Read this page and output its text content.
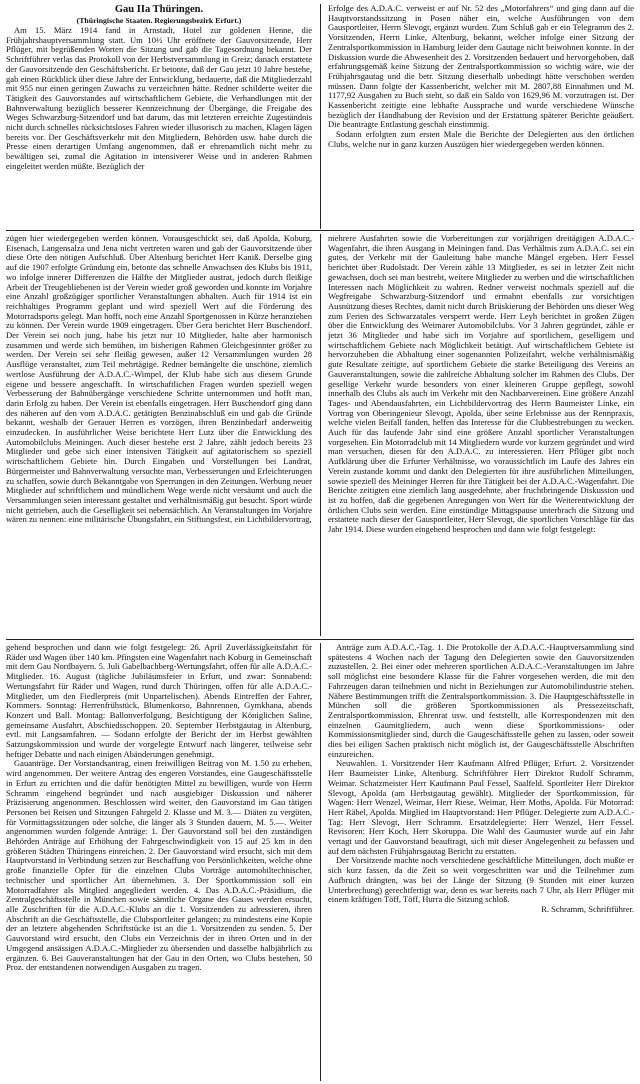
Gau IIa Thüringen.
(Thüringische Staaten. Regierungsbezirk Erfurt.)

Am 15. März 1914 fand in Arnstadt, Hotel zur goldenen Henne, die Frühjahrshauptversammlung statt. Um 10½ Uhr eröffnete der Gauvorsitzende, Herr Pflüger, mit begrüßenden Worten die Sitzung und gab die Tagesordnung bekannt. Der Schriftführer verlas das Protokoll von der Herbstversammlung in Greiz; danach erstattete der Gauvorsitzende den Geschäftsbericht. Er betonte, daß der Gau jetzt 10 Jahre bestehe, gab einen Rückblick über diese Jahre der Entwicklung, bedauerte, daß die Mitgliederzahl mit 955 nur einen geringen Zuwachs zu verzeichnen hätte. Redner schilderte weiter die Tätigkeit des Gauvorstandes auf wirtschaftlichem Gebiete, die Verhandlungen mit der Bahnverwaltung bezüglich besserer Kennzeichnung der Übergänge, die Freigabe des Weges Schwarzburg-Sitzendorf und bat darum, das mit letzteren erreichte Zugeständnis nicht durch schnelles rücksichtsloses Fahren wieder illusorisch zu machen, Klagen lägen bereits vor. Der Geschäftsverkehr mit den Mitgliedern, Behörden usw. habe durch die Presse einen derartigen Umfang angenommen, daß er ehrenamtlich nicht mehr zu bewältigen sei, zumal die Agitation in intensiverer Weise und in anderen Rahmen eingeleitet werden müßte. Bezüglich der

Erfolge des A.D.A.C. verweist er auf Nr. 52 des „Motorfahrers“ und ging dann auf die Hauptvorstandssitzung in Posen näher ein, welche Ausführungen von dem Gausportleiter, Herrn Slevogt, ergänzt wurden. Zum Schluß gab er ein Telegramm des 2. Vorsitzenden, Herrn Linke, Altenburg, bekannt, welcher infolge einer Sitzung der Zentralsportkommission in Hamburg leider dem Gautage nicht beiwohnen konnte. In der Diskussion wurde die Abwesenheit des 2. Vorsitzenden bedauert und hervorgehoben, daß erfahrungsgemäß keine Sitzung der Zentralsportkommission so wichtig wäre, wie der Frühjahrsgautag und die betr. Sitzung dieserhalb unbedingt hätte verschoben werden müssen. Dann folgte der Kassenbericht, welcher mit M. 2807,88 Einnahmen und M. 1177,92 Ausgaben zu Buch steht, so daß ein Saldo von 1629,96 M. vorzutragen ist. Der Kassenbericht zeitigte eine lebhafte Aussprache und wurde verschiedene Wünsche bezüglich der Handhabung der Revision und der Erstattung späterer Berichte geäußert. Die beantragte Entlastung geschah einstimmig.

Sodann erfolgten zum ersten Male die Berichte der Delegierten aus den örtlichen Clubs, welche nur in ganz kurzen Auszügen hier wiedergegeben werden können.

zügen hier wiedergegeben werden können. Vorausgeschickt sei, daß Apolda, Koburg, Eisenach, Langensalza und Jena nicht vertreten waren und gab der Gauvorsitzende über diese Orte den nötigen Aufschluß. Über Altenburg berichtet Herr Kaniß. Derselbe ging auf die 1907 erfolgte Gründung ein, betonte das schnelle Anwachsen des Klubs bis 1911, wo infolge innerer Differenzen die Hälfte der Mitglieder austrat, jedoch durch fleißige Arbeit der Treugebliebenen ist der Verein wieder groß geworden und konnte im Vorjahre eine Anzahl großzügiger sportlicher Veranstaltungen abhalten. Auch für 1914 ist ein reichhaltiges Programm geplant und wird speziell Wert auf die Förderung des Motorradsports gelegt. Man hofft, noch eine Anzahl Sportgenossen in Kürze heranziehen zu können. Der Verein wurde 1909 eingetragen. Über Gera berichtet Herr Buschendorf. Der Verein sei noch jung, habe bis jetzt nur 10 Mitglieder, halte aber harmonisch zusammen und werde sich bemühen, im bisherigen Rahmen Gleichgesinnter größer zu werden. Der Verein sei sehr fleißig gewesen, außer 12 Versammlungen wurden 28 Ausflüge veranstaltet, zum Teil mehrtägige. Redner bemängelte die unschöne, ziemlich wertlose Ausführung der A.D.A.C.-Wimpel, der Klub habe sich aus diesem Grunde eigene und bessere angeschafft. In wirtschaftlichen Fragen wurden speziell wegen Verbesserung der Bahnübergänge verschiedene Schritte unternommen und hofft man, darin Erfolg zu haben. Der Verein ist ebenfalls eingetragen. Herr Buschendorf ging dann des näheren auf den vom A.D.A.C. getätigten Benzinabschluß ein und gab die Gründe bekannt, weshalb der Gerauer Herren es vorzögen, ihren Benzinbedarf anderweitig einzudecken. In ausführlicher Weise berichtete Herr Lutz über die Entwicklung des Automobilclubs Meiningen. Auch dieser bestehe erst 2 Jahre, zählt jedoch bereits 23 Mitglieder und gebe sich einer intensiven Tätigkeit auf agitatorischem so speziell wirtschaftlichem Gebiete hin. Durch Eingaben und Vorstellungen bei Landrat, Bürgermeister und Bahnverwaltung versuchte man, Verbesserungen und Erleichterungen zu schaffen, sowie durch Bekanntgabe von Sperrungen in den Zeitungen. Werbung neuer Mitglieder auf schriftlichem und mündlichem Wege werde nicht versäumt und auch die Versammlungen seien interessant gestaltet und verhältnismäßig gut besucht. Sport würde nicht getrieben, auch die Geselligkeit sei nebensächlich. An Veranstaltungen im Vorjahre wären zu nennen: eine militärische Übungsfahrt, ein Stiftungsfest, ein Lichtbildervortrag,

mehrere Ausfahrten sowie die Vorbereitungen zur vorjährigen dreitägigen A.D.A.C.-Wagenfahrt, die ihren Ausgang in Meiningen fand. Das Verhältnis zum A.D.A.C. sei ein gutes, der Verkehr mit der Gauleitung habe manche Mängel ergeben. Herr Fessel berichtet über Rudolstadt. Der Verein zähle 13 Mitglieder, es sei in letzter Zeit nicht gewachsen, doch sei man bestrebt, weitere Mitglieder zu werben und die wirtschaftlichen Interessen nach Möglichkeit zu wahren. Redner verweist nochmals speziell auf die Wegfreigabe Schwarzburg-Sitzendorf und ermahnt ebenfalls zur vorsichtigen Ausnützung dieses Rechtes, damit nicht durch Brüskierung der Behörden uns dieser Weg zum Ferien des Schwarzatales versperrt werde. Herr Leyh berichtet in großen Zügen über die Entwicklung des Weimarer Automobilclubs. Vor 3 Jahren gegründet, zähle er jetzt 36 Mitglieder und habe sich im Vorjahre auf sportlichem, geselligem und wirtschaftlichem Gebiete nach Möglichkeit betätigt. Auf wirtschaftlichem Gebiete ist hervorzuheben die Abhaltung einer sogenannten Polizeifahrt, welche verhältnismäßig gute Resultate zeitigte, auf sportlichem Gebiete die starke Beteiligung des Vereins an Gauveranstaltungen, sowie die zahlreiche Abhaltung solcher im Rahmen des Clubs. Der gesellige Verkehr wurde besonders von einer kleineren Gruppe gepflegt, sowohl innerhalb des Clubs als auch im Verkehr mit den Nachbarvereinen. Eine größere Anzahl Tages- und Abendausfahrten, ein Lichtbildervortrag des Herrn Baumeister Linke, ein Vortrag von Oberingenieur Slevogt, Apolda, über seine Erlebnisse aus der Rennpraxis, welche vielen Beifall fanden, helfen das Interesse für die Clubbestrebungen zu wecken. Auch für das laufende Jahr sind eine größere Anzahl sportlicher Veranstaltungen vorgesehen. Ein Motorradclub mit 14 Mitgliedern wurde vor kurzem gegründet und wird man versuchen, diesen für den A.D.A.C. zu interessieren. Herr Pflüger gibt noch Aufklärung über die Erfurter Verhältnisse, wo voraussichtlich im Laufe des Jahres ein Verein zustande kommt und dankt den Delegierten für ihre ausführlichen Mitteilungen, sowie speziell des Meininger Herren für ihre Tätigkeit bei der A.D.A.C.-Wagenfahrt. Die Berichte zeitigten eine ziemlich lang ausgedehnte, aber fruchtbringende Diskussion und ist zu hoffen, daß die gegebenen Anregungen von Wert für die Weiterentwicklung der örtlichen Clubs sein werden. Eine einstündige Mittagspause unterbrach die Sitzung und erstattete nach dieser der Gausportleiter, Herr Slevogt, die sportlichen Vorschläge für das Jahr 1914. Diese wurden eingehend besprochen und dann wie folgt festgelegt:

gehend besprochen und dann wie folgt festgelegt: 26. April Zuverlässigkeitsfahrt für Räder und Wagen über 140 km. Pfingsten eine Wagenfahrt nach Koburg in Gemeinschaft mit dem Gau Nordbayern. 5. Juli Gabelbachberg-Wertungsfahrt, offen für alle A.D.A.C.-Mitglieder. 16. August (tägliche Jubiläumsfeier in Erfurt, und zwar: Sonnabend: Wertungsfahrt für Räder und Wagen, rund durch Thüringen, offen für alle A.D.A.C.-Mitglieder, um den Fiedlerpreis (mit Unpartelischen). Abends Eintreffen der Fahrer, Kommers. Sonntag: Herrenfrühstück, Blumenkorso, Bahnrennen, Gymkhana, abends Konzert und Ball. Montag: Ballonverfolgung, Besichtigung der Königlichen Saline, gemeinsame Ausfahrt, Abschiedsschoppen. 20. September Herbstgautag in Altenburg, evtl. mit Langsamfahren. — Sodann erfolgte der Bericht der im Herbst gewählten Satzungskommission und wurde der vorgelegte Entwurf nach längerer, teilweise sehr heftiger Debatte und nach einigen Abänderungen genehmigt.

Gauanträge. Der Vorstandsantrag, einen freiwilligen Beitrag von M. 1.50 zu erheben, wird angenommen. Der weitere Antrag des engeren Vorstandes, eine Gaugeschäftsstelle in Erfurt zu errichten und die dafür benötigten Mittel zu bewilligen, wurde von Herrn Schramm eingehend begründet und nach ausgiebiger Diskussion und näherer Präzisierung angenommen. Beschlossen wird weiter, den Gauvorstand im Gau tätigen Personen bei Reisen und Sitzungen Fahrgeld 2. Klasse und M. 3.— Diäten zu vergüten, für Vormittagssitzungen oder solche, die länger als 3 Stunden dauern, M. 5.—. Weiter angenommen wurden folgende Anträge: 1. Der Gauvorstand soll bei den zuständigen Behörden Anträge auf Erhöhung der Fahrgeschwindigkeit von 15 auf 25 km in den größeren Städten Thüringens einreichen. 2. Der Gauvorstand wird ersucht, sich mit dem Hauptvorstand in Verbindung setzen zur Beschaffung von Persönlichkeiten, welche ohne große finanzielle Opfer für die einzelnen Clubs Vorträge automobiltechnischer, technischer und sportlicher Art übernehmen. 3. Der Sportkommission soll ein Motorradfahrer als Mitglied angegliedert werden. 4. Das A.D.A.C.-Präsidium, die Zentralgeschäftsstelle in München sowie sämtliche Organe des Gaues werden ersucht, alle Zuschriften für die A.D.A.C.-Klubs an die 1. Vorsitzenden zu adressieren, ihren Abschrift an die Geschäftsstelle, die Clubsportleiter gelangen; zu mindestens eine Kopie der an letztere abgehenden Schriftstücke ist an die 1. Vorsitzenden zu senden. 5. Der Gauvorstand wird ersucht, den Clubs ein Verzeichnis der in ihren Orten und in der Umgegend ansässigen A.D.A.C.-Mitglieder zu übersenden und dasselbe halbjährlich zu ergänzen. 6. Bei Gauveranstaltungen hat der Gau in den Orten, wo Clubs bestehen, 50 Proz. der entstandenen notwendigen Ausgaben zu tragen.

Anträge zum A.D.A.C.-Tag. 1. Die Protokolle der A.D.A.C.-Hauptversammlung sind spätestens 4 Wochen nach der Tagung den Delegierten sowie den Gauvorsitzenden zuzustellen. 2. Bei einer oder mehreren sportlichen A.D.A.C.-Veranstaltungen im Jahre soll möglichst eine besondere Klasse für die Fahrer vorgesehen werden, die mit den Fahrzeugen daran teilnehmen und nicht in Beziehungen zur Automobilindustrie stehen. Nähere Bestimmungen trifft die Zentralsportkommission. 3. Die Hauptgeschäftsstelle in München soll die größeren Sportkommissionen als Pressezeitschaft, Zentralsportkommission, Ehrenrat usw. und feststellt, alle Korrespondenzen mit den einzelnen Gaumitgliedern, auch wenn diese Sportkommissions- oder Kommissionsmitglieder sind, durch die Gaugeschäftsstelle gehen zu lassen, oder soweit dies bei eiligen Sachen praktisch nicht möglich ist, der Gaugeschäftsstelle Abschriften einzureichen.

Neuwahlen. 1. Vorsitzender Herr Kaufmann Alfred Pflüger, Erfurt. 2. Vorsitzender Herr Baumeister Linke, Altenburg. Schriftführer Herr Direktor Rudolf Schramm, Weimar. Schatzmeister Herr Kaufmann Paul Fessel, Saalfeld. Sportleiter Herr Direktor Slevogt, Apolda (am Herbstgautag gewählt). Mitglieder der Sportkommission, für Wagen: Herr Wenzel, Weimar, Herr Riese, Weimar, Herr Moths, Apolda. Für Motorrad: Herr Räbel, Apolda. Mitglied im Hauptvorstand: Herr Pflüger. Delegierte zum A.D.A.C.-Tag: Herr Slevogt, Herr Schramm. Ersatzdelegierte: Herr Wenzel, Herr Fessel. Revisoren: Herr Koch, Herr Skoruppa. Die Wahl des Gaumuster wurde auf ein Jahr vertagt und der Gauvorstand beauftragt, sich mit dieser Angelegenheit zu befassen und auf dem nächsten Frühjahrsgautag Bericht zu erstatten.

Der Vorsitzende machte noch verschiedene geschäftliche Mitteilungen, doch mußte er sich kurz fassen, da die Zeit so weit vorgeschritten war und die Teilnehmer zum Aufbruch drängten, was bei der Länge der Sitzung (9 Stunden mit einer kurzen Unterbrechung) gerechtfertigt war, denn es war bereits nach 7 Uhr, als Herr Pflüger mit einem kräftigen Töff, Töff, Hurra die Sitzung schloß.

R. Schramm, Schriftführer.
